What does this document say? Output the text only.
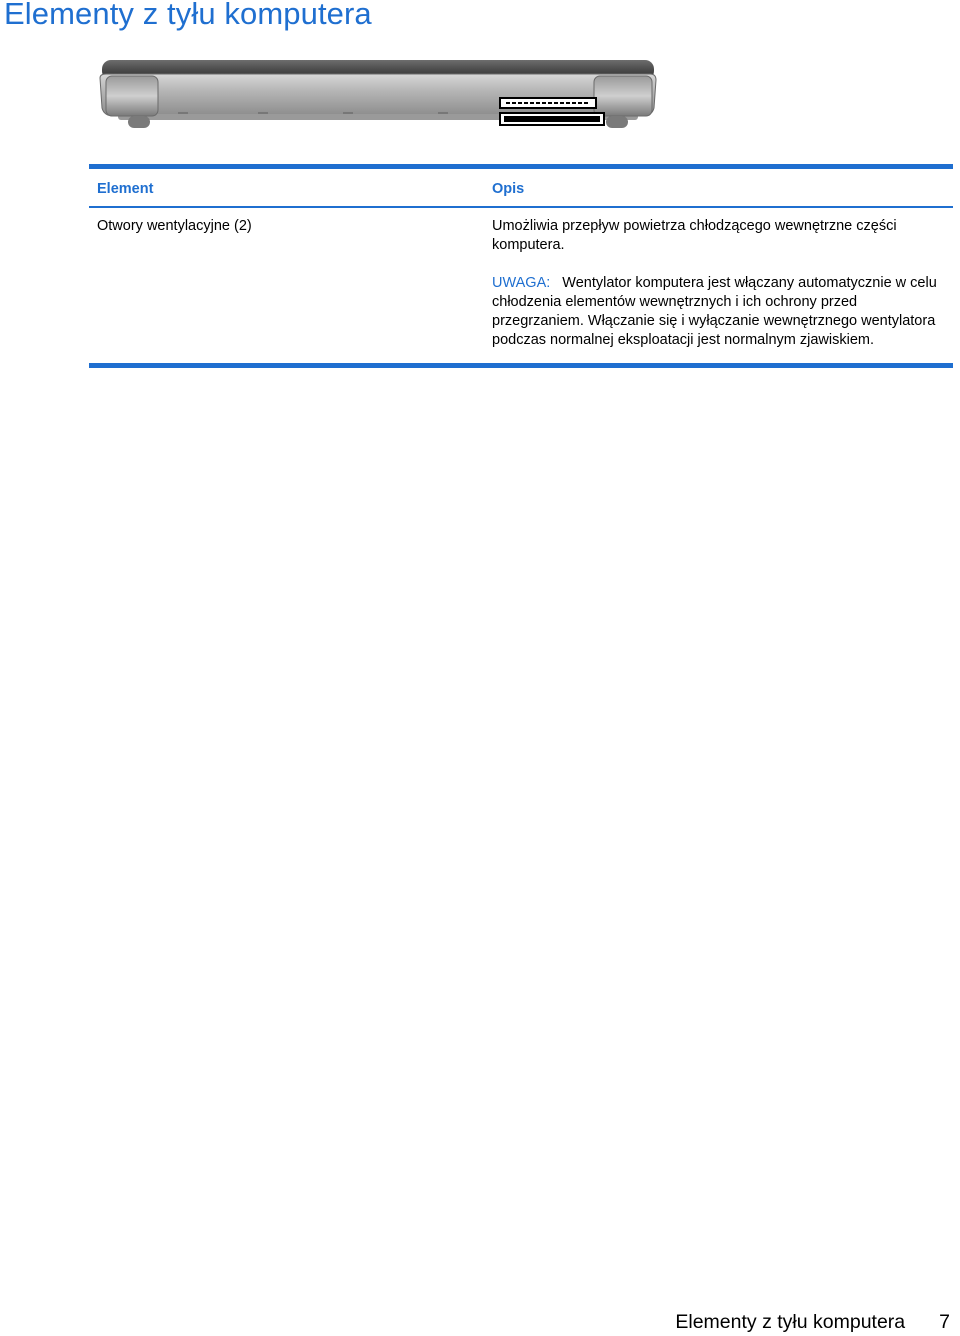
Elementy z tyłu komputera
Element	Opis
Otwory wentylacyjne (2)	Umożliwia przepływ powietrza chłodzącego wewnętrzne części komputera.
UWAGA: Wentylator komputera jest włączany automatycznie w celu chłodzenia elementów wewnętrznych i ich ochrony przed przegrzaniem. Włączanie się i wyłączanie wewnętrznego wentylatora podczas normalnej eksploatacji jest normalnym zjawiskiem.
Elementy z tyłu komputera 7
